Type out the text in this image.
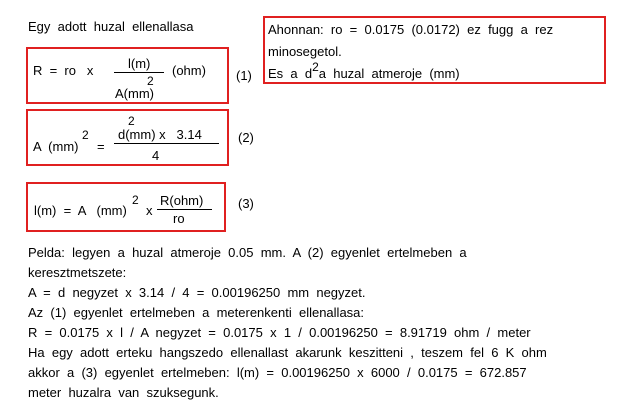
Egy  adott  huzal  ellenallasa	Ahonnan:  ro  =  0.0175  (0.0172)  ez  fugg  a  rez
minosegetol.
Es  a  d2a  huzal  atmeroje  (mm)
R  =  ro   x	l(m)
2
A(mm)
(ohm) (1)
A  (mm)
2
=
2
d(mm) x   3.14
4
(2)
l(m)  =  A   (mm)
2
x
R(ohm)
ro
(3)
Pelda:  legyen  a  huzal  atmeroje  0.05  mm.  A  (2)  egyenlet  ertelmeben  a
keresztmetszete:
A  =  d  negyzet  x  3.14  /  4  =  0.00196250  mm  negyzet.
Az  (1)  egyenlet  ertelmeben  a  meterenkenti  ellenallasa:
R  =  0.0175  x  l  /  A  negyzet  =  0.0175  x  1  /  0.00196250  =  8.91719  ohm  /  meter
Ha  egy  adott  erteku  hangszedo  ellenallast  akarunk  keszitteni  ,  teszem  fel  6  K  ohm
akkor  a  (3)  egyenlet  ertelmeben:  l(m)  =  0.00196250  x  6000  /  0.0175  =  672.857
meter  huzalra  van  szuksegunk.
